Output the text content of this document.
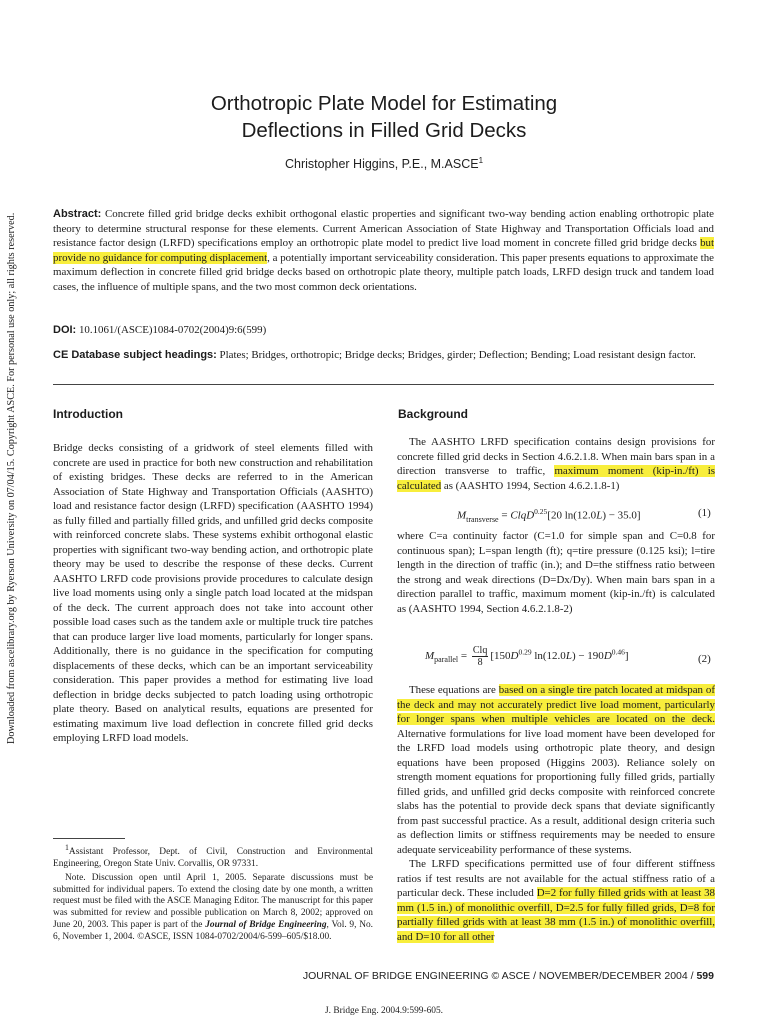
Downloaded from ascelibrary.org by Ryerson University on 07/04/15. Copyright ASCE. For personal use only; all rights reserved.
Orthotropic Plate Model for Estimating
Deflections in Filled Grid Decks
Christopher Higgins, P.E., M.ASCE$^1$
Abstract: Concrete filled grid bridge decks exhibit orthogonal elastic properties and significant two-way bending action enabling orthotropic plate theory to determine structural response for these elements. Current American Association of State Highway and Transportation Officials load and resistance factor design (LRFD) specifications employ an orthotropic plate model to predict live load moment in concrete filled grid bridge decks but provide no guidance for computing displacement, a potentially important serviceability consideration. This paper presents equations to approximate the maximum deflection in concrete filled grid bridge decks based on orthotropic plate theory, multiple patch loads, LRFD design truck and tandem load cases, the influence of multiple spans, and the two most common deck orientations.
DOI: 10.1061/(ASCE)1084-0702(2004)9:6(599)
CE Database subject headings: Plates; Bridges, orthotropic; Bridge decks; Bridges, girder; Deflection; Bending; Load resistant design factor.
Introduction

Bridge decks consisting of a gridwork of steel elements filled with concrete are used in practice for both new construction and rehabilitation of existing bridges. These decks are referred to in the American Association of State Highway and Transportation Officials (AASHTO) load and resistance factor design (LRFD) specification (AASHTO 1994) as fully filled and partially filled grids, and unfilled grid decks composite with reinforced concrete slabs. These systems exhibit orthogonal elastic properties with significant two-way bending action, and orthotropic plate theory may be used to describe the response of these decks. Current AASHTO LRFD code provisions provide procedures to calculate design live load moments using only a single patch load located at the midspan of the deck. The current approach does not take into account other possible load cases such as the tandem axle or multiple truck tire patches that can produce larger live load moments, particularly for longer spans. Additionally, there is no guidance in the specification for computing displacements of these decks, which can be an important serviceability consideration. This paper provides a method for estimating live load deflection in bridge decks subjected to patch loading using orthotropic plate theory. Based on analytical results, equations are presented for estimating maximum live load deflection in concrete filled grid decks employing LRFD load models.

$^1$Assistant Professor, Dept. of Civil, Construction and Environmental Engineering, Oregon State Univ. Corvallis, OR 97331.

Note. Discussion open until April 1, 2005. Separate discussions must be submitted for individual papers. To extend the closing date by one month, a written request must be filed with the ASCE Managing Editor. The manuscript for this paper was submitted for review and possible publication on March 8, 2002; approved on June 20, 2003. This paper is part of the Journal of Bridge Engineering, Vol. 9, No. 6, November 1, 2004. ©ASCE, ISSN 1084-0702/2004/6-599–605/$18.00.

Background

The AASHTO LRFD specification contains design provisions for concrete filled grid decks in Section 4.6.2.1.8. When main bars span in a direction transverse to traffic, maximum moment (kip-in./ft) is calculated as (AASHTO 1994, Section 4.6.2.1.8-1)

$M_{transverse}$ = ClqD$^{0.25}$[20 ln(12.0L) − 35.0]	(1)

where C=a continuity factor (C=1.0 for simple span and C=0.8 for continuous span); L=span length (ft); q=tire pressure (0.125 ksi); l=tire length in the direction of traffic (in.); and D=the stiffness ratio between the strong and weak directions (D=Dx/Dy). When main bars span in a direction parallel to traffic, maximum moment (kip-in./ft) is calculated as (AASHTO 1994, Section 4.6.2.1.8-2)

$M_{parallel} = \frac{\text{Clq}}{8} [150D^{0.29}$ $\ln(12.0L) - 190D^{0.46}$]	(2)

These equations are based on a single tire patch located at midspan of the deck and may not accurately predict live load moment, particularly for longer spans when multiple vehicles are located on the deck. Alternative formulations for live load moment have been developed for the LRFD load models using orthotropic plate theory, and design equations have been proposed (Higgins 2003). Reliance solely on strength moment equations for proportioning fully filled grids, partially filled grids, and unfilled grid decks composite with reinforced concrete slabs has the potential to provide deck spans that deviate significantly from past successful practice. As a result, additional design criteria such as deflection limits or stiffness requirements may be needed to ensure adequate serviceability performance of these systems.

The LRFD specifications permitted use of four different stiffness ratios if test results are not available for the actual stiffness ratio of a particular deck. These included D=2 for fully filled grids with at least 38 mm (1.5 in.) of monolithic overfill, D=2.5 for fully filled grids, D=8 for partially filled grids with at least 38 mm (1.5 in.) of monolithic overfill, and D=10 for all other

JOURNAL OF BRIDGE ENGINEERING © ASCE / NOVEMBER/DECEMBER 2004 / 599
J. Bridge Eng. 2004.9:599-605.
